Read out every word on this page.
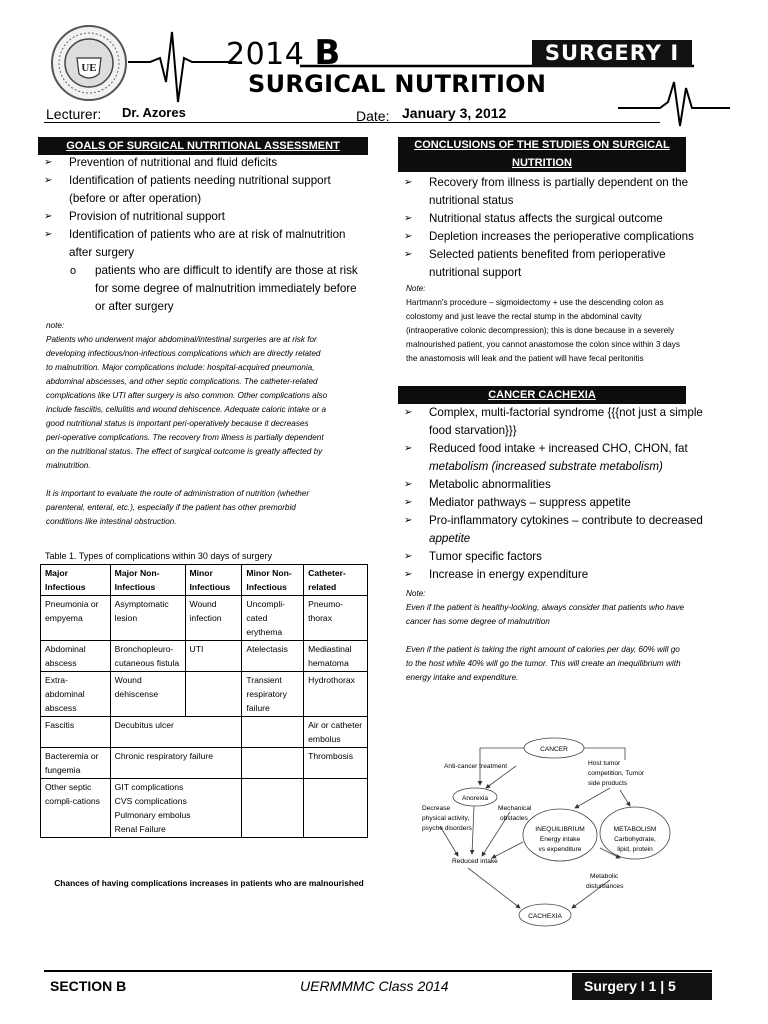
UE	2014 B	SURGERY I
SURGICAL NUTRITION
Lecturer: Dr. Azores	Date: January 3, 2012
GOALS OF SURGICAL NUTRITIONAL ASSESSMENT
➢ Prevention of nutritional and fluid deficits
➢ Identification of patients needing nutritional support
(before or after operation)
➢ Provision of nutritional support
➢ Identification of patients who are at risk of malnutrition
after surgery
o patients who are difficult to identify are those at risk
for some degree of malnutrition immediately before
or after surgery
note:
Patients who underwent major abdominal/intestinal surgeries are at risk for
developing infectious/non-infectious complications which are directly related
to malnutrition. Major complications include: hospital-acquired pneumonia,
abdominal abscesses, and other septic complications. The catheter-related
complications like UTI after surgery is also common. Other complications also
include fasciitis, cellulitis and wound dehiscence. Adequate caloric intake or a
good nutritional status is important peri-operatively because it decreases
peri-operative complications. The recovery from illness is partially dependent
on the nutritional status. The effect of surgical outcome is greatly affected by
malnutrition.
It is important to evaluate the route of administration of nutrition (whether
parenteral, enteral, etc.), especially if the patient has other premorbid
conditions like intestinal obstruction.
Table 1. Types of complications within 30 days of surgery
Major Infectious	Major Non-Infectious	Minor Infectious	Minor Non-Infectious	Catheter-related
Pneumonia or empyema	Asymptomatic lesion	Wound infection	Uncompli-cated erythema	Pneumo-thorax
Abdominal abscess	Bronchopleuro-cutaneous fistula	UTI	Atelectasis	Mediastinal hematoma
Extra-abdominal abscess	Wound dehiscense		Transient respiratory failure	Hydrothorax
Fascitis	Decubitus ulcer			Air or catheter embolus
Bacteremia or fungemia	Chronic respiratory failure			Thrombosis
Other septic compli-cations	GIT complications
CVS complications
Pulmonary embolus
Renal Failure			

Chances of having complications increases in patients who are malnourished
CONCLUSIONS OF THE STUDIES ON SURGICAL NUTRITION
➢ Recovery from illness is partially dependent on the
nutritional status
➢ Nutritional status affects the surgical outcome
➢ Depletion increases the perioperative complications
➢ Selected patients benefited from perioperative
nutritional support
Note:
Hartmann's procedure – sigmoidectomy + use the descending colon as
colostomy and just leave the rectal stump in the abdominal cavity
(intraoperative colonic decompression); this is done because in a severely
malnourished patient, you cannot anastomose the colon since within 3 days
the anastomosis will leak and the patient will have fecal peritonitis
CANCER CACHEXIA
➢ Complex, multi-factorial syndrome {{{not just a simple
food starvation}}}
➢ Reduced food intake + increased CHO, CHON, fat
metabolism (increased substrate metabolism)
➢ Metabolic abnormalities
➢ Mediator pathways – suppress appetite
➢ Pro-inflammatory cytokines – contribute to decreased
appetite
➢ Tumor specific factors
➢ Increase in energy expenditure
Note:
Even if the patient is healthy-looking, always consider that patients who have
cancer has some degree of malnutrition
Even if the patient is taking the right amount of calories per day, 60% will go
to the host while 40% will go the tumor. This will create an inequilibrium with
energy intake and expenditure.
CANCER
Anti-cancer treatment	Host tumor
competition, Tumor
side products
Anorexia
Decrease
physical activity,
psyche disorders
Mechanical
obstacles
INEQUILIBRIUM
Energy intake
vs expenditure
METABOLISM
Carbohydrate,
lipid, protein
Reduced intake
Metabolic
disturbances
CACHEXIA
SECTION B	UERMMMC Class 2014	Surgery I 1 | 5
